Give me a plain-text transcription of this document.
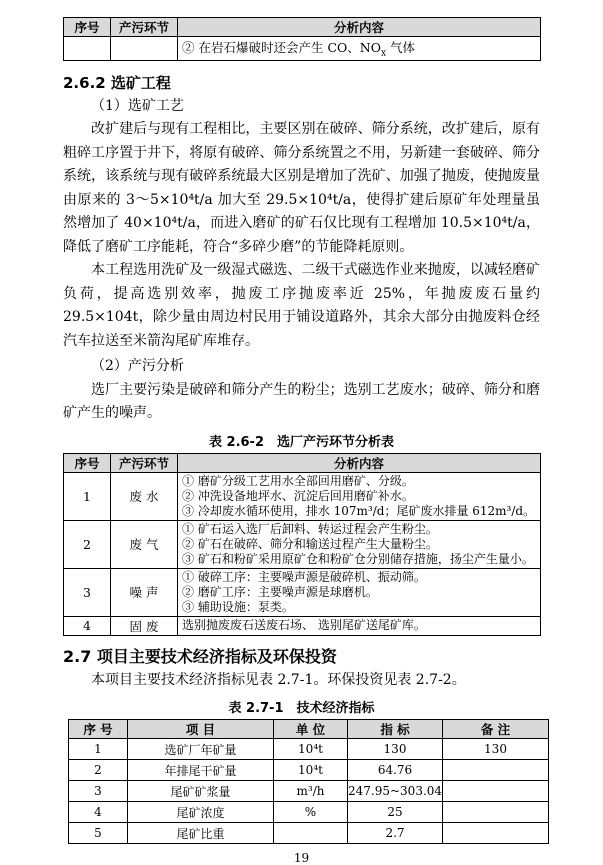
序号	产污环节	分析内容
		② 在岩石爆破时还会产生 CO、$NO_x$ 气体
2.6.2 选矿工程

（1）选矿工艺

改扩建后与现有工程相比，主要区别在破碎、筛分系统，改扩建后，原有粗碎工序置于井下，将原有破碎、筛分系统置之不用，另新建一套破碎、筛分系统，该系统与现有破碎系统最大区别是增加了洗矿、加强了抛废，使抛废量由原来的 3～5×10⁴t/a 加大至 29.5×10⁴t/a，使得扩建后原矿年处理量虽然增加了 40×10⁴t/a，而进入磨矿的矿石仅比现有工程增加 10.5×10⁴t/a，降低了磨矿工序能耗，符合“多碎少磨”的节能降耗原则。

本工程选用洗矿及一级湿式磁选、二级干式磁选作业来抛废，以减轻磨矿负荷，提高选别效率，抛废工序抛废率近 25%，年抛废废石量约 29.5×104t，除少量由周边村民用于铺设道路外，其余大部分由抛废料仓经汽车拉送至米箭沟尾矿库堆存。

（2）产污分析

选厂主要污染是破碎和筛分产生的粉尘；选别工艺废水；破碎、筛分和磨矿产生的噪声。

表 2.6-2　选厂产污环节分析表
序号	产污环节	分析内容
1	废 水	① 磨矿分级工艺用水全部回用磨矿、分级。
② 冲洗设备地坪水、沉淀后回用磨矿补水。
③ 冷却废水循环使用，排水 107m³/d；尾矿废水排量 612m³/d。

2	废 气	① 矿石运入选厂后卸料、转运过程会产生粉尘。
② 矿石在破碎、筛分和输送过程产生大量粉尘。
③ 矿石和粉矿采用原矿仓和粉矿仓分别储存措施，扬尘产生量小。

3	噪 声	① 破碎工序：主要噪声源是破碎机、振动筛。
② 磨矿工序：主要噪声源是球磨机。
③ 辅助设施：泵类。

4	固 废	选别抛废废石送废石场、 选别尾矿送尾矿库。
2.7 项目主要技术经济指标及环保投资

本项目主要技术经济指标见表 2.7-1。环保投资见表 2.7-2。

表 2.7-1　技术经济指标
序 号	项 目	单 位	指 标	备 注
1	选矿厂年矿量	10⁴t	130	130
2	年排尾干矿量	10⁴t	64.76	
3	尾矿矿浆量	m³/h	247.95~303.04	
4	尾矿浓度	%	25	
5	尾矿比重		2.7	
19
